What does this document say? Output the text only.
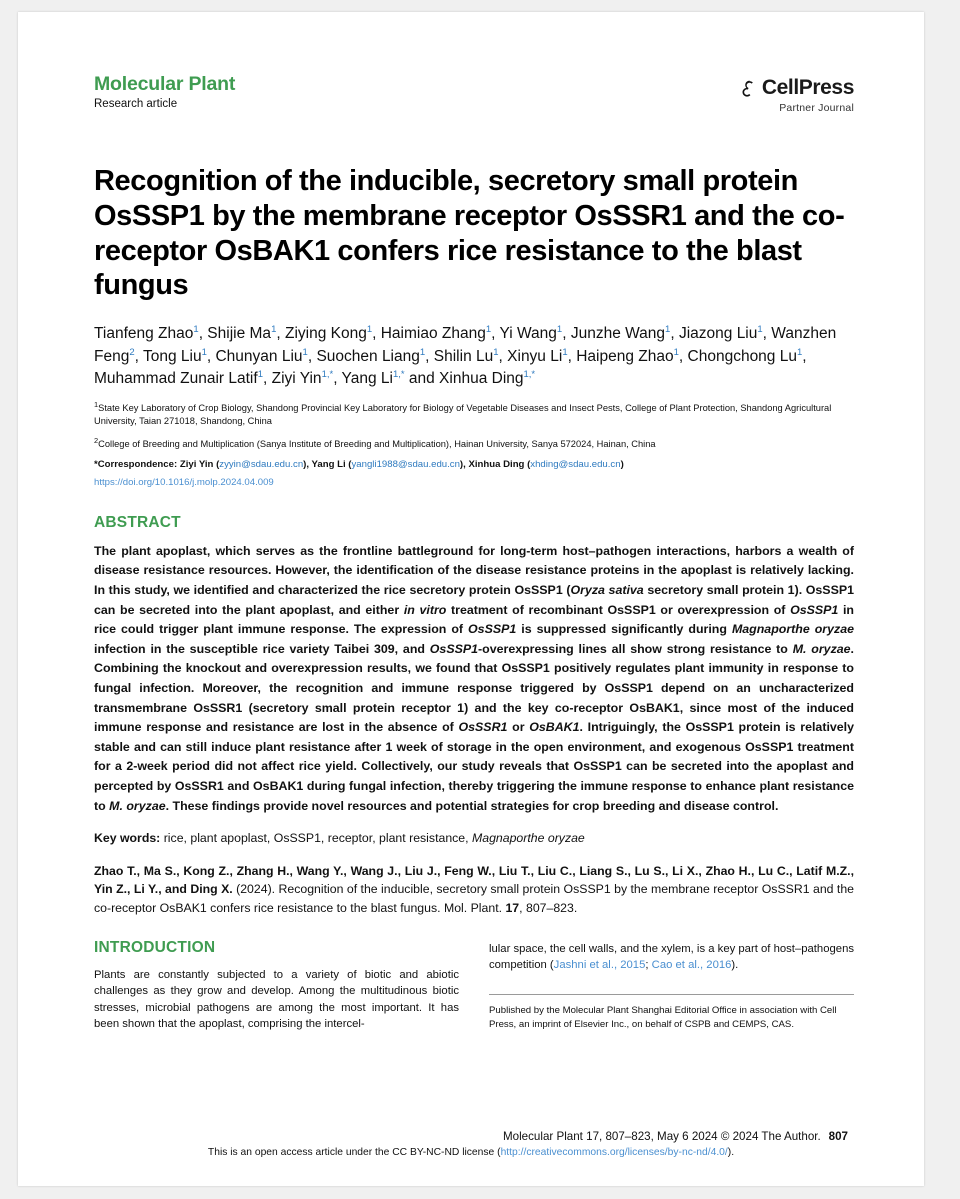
Molecular Plant
Research article
CellPress
Partner Journal
Recognition of the inducible, secretory small protein OsSSP1 by the membrane receptor OsSSR1 and the co-receptor OsBAK1 confers rice resistance to the blast fungus
Tianfeng Zhao$^1$, Shijie Ma$^1$, Ziying Kong$^1$, Haimiao Zhang$^1$, Yi Wang$^1$, Junzhe Wang$^1$, Jiazong Liu$^1$, Wanzhen Feng$^2$, Tong Liu$^1$, Chunyan Liu$^1$, Suochen Liang$^1$, Shilin Lu$^1$, Xinyu Li$^1$, Haipeng Zhao$^1$, Chongchong Lu$^1$, Muhammad Zunair Latif$^1$, Ziyi Yin$^{1,*}$, Yang $Li^{1,*}$ and Xinhua Ding$^{1,*}$
$^1$State Key Laboratory of Crop Biology, Shandong Provincial Key Laboratory for Biology of Vegetable Diseases and Insect Pests, College of Plant Protection, Shandong Agricultural University, Taian 271018, Shandong, China
$^2$College of Breeding and Multiplication (Sanya Institute of Breeding and Multiplication), Hainan University, Sanya 572024, Hainan, China
*Correspondence: Ziyi Yin (zyyin@sdau.edu.cn), Yang Li (yangli1988@sdau.edu.cn), Xinhua Ding (xhding@sdau.edu.cn)
https://doi.org/10.1016/j.molp.2024.04.009
ABSTRACT
The plant apoplast, which serves as the frontline battleground for long-term host–pathogen interactions, harbors a wealth of disease resistance resources. However, the identification of the disease resistance proteins in the apoplast is relatively lacking. In this study, we identified and characterized the rice secretory protein OsSSP1 (Oryza sativa secretory small protein 1). OsSSP1 can be secreted into the plant apoplast, and either in vitro treatment of recombinant OsSSP1 or overexpression of OsSSP1 in rice could trigger plant immune response. The expression of OsSSP1 is suppressed significantly during Magnaporthe oryzae infection in the susceptible rice variety Taibei 309, and OsSSP1-overexpressing lines all show strong resistance to M. oryzae. Combining the knockout and overexpression results, we found that OsSSP1 positively regulates plant immunity in response to fungal infection. Moreover, the recognition and immune response triggered by OsSSP1 depend on an uncharacterized transmembrane OsSSR1 (secretory small protein receptor 1) and the key co-receptor OsBAK1, since most of the induced immune response and resistance are lost in the absence of OsSSR1 or OsBAK1. Intriguingly, the OsSSP1 protein is relatively stable and can still induce plant resistance after 1 week of storage in the open environment, and exogenous OsSSP1 treatment for a 2-week period did not affect rice yield. Collectively, our study reveals that OsSSP1 can be secreted into the apoplast and percepted by OsSSR1 and OsBAK1 during fungal infection, thereby triggering the immune response to enhance plant resistance to M. oryzae. These findings provide novel resources and potential strategies for crop breeding and disease control.
Key words: rice, plant apoplast, OsSSP1, receptor, plant resistance, Magnaporthe oryzae
Zhao T., Ma S., Kong Z., Zhang H., Wang Y., Wang J., Liu J., Feng W., Liu T., Liu C., Liang S., Lu S., Li X., Zhao H., Lu C., Latif M.Z., Yin Z., Li Y., and Ding X. (2024). Recognition of the inducible, secretory small protein OsSSP1 by the membrane receptor OsSSR1 and the co-receptor OsBAK1 confers rice resistance to the blast fungus. Mol. Plant. 17, 807–823.
INTRODUCTION
Plants are constantly subjected to a variety of biotic and abiotic challenges as they grow and develop. Among the multitudinous biotic stresses, microbial pathogens are among the most important. It has been shown that the apoplast, comprising the intercel-
lular space, the cell walls, and the xylem, is a key part of host–pathogens competition (Jashni et al., 2015; Cao et al., 2016).
Published by the Molecular Plant Shanghai Editorial Office in association with Cell Press, an imprint of Elsevier Inc., on behalf of CSPB and CEMPS, CAS.
Molecular Plant 17, 807–823, May 6 2024 © 2024 The Author. 807
This is an open access article under the CC BY-NC-ND license (http://creativecommons.org/licenses/by-nc-nd/4.0/).
